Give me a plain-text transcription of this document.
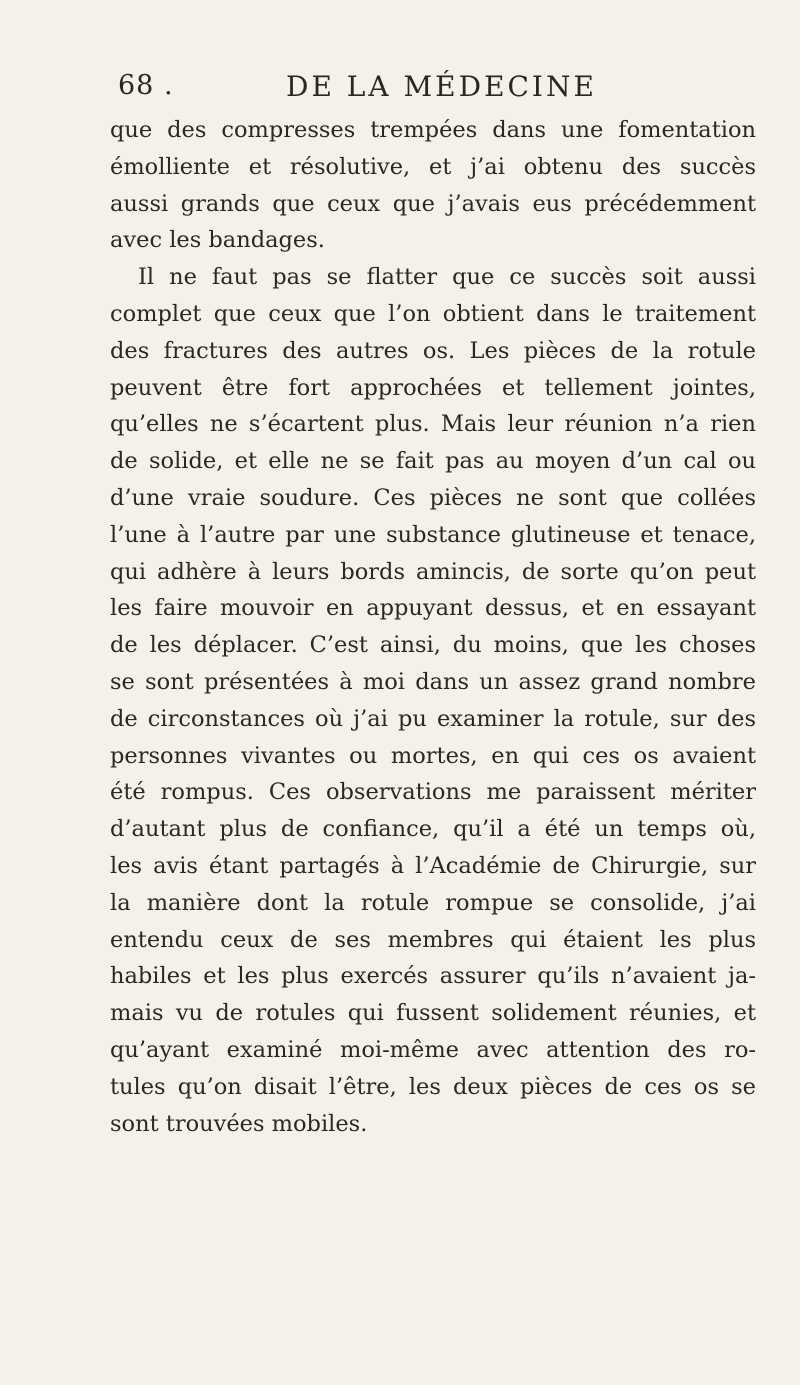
68 .	DE LA MÉDECINE
que des compresses trempées dans une fomentation
émolliente et résolutive, et j’ai obtenu des succès
aussi grands que ceux que j’avais eus précédemment
avec les bandages.
Il ne faut pas se flatter que ce succès soit aussi
complet que ceux que l’on obtient dans le traitement
des fractures des autres os. Les pièces de la rotule
peuvent être fort approchées et tellement jointes,
qu’elles ne s’écartent plus. Mais leur réunion n’a rien
de solide, et elle ne se fait pas au moyen d’un cal ou
d’une vraie soudure. Ces pièces ne sont que collées
l’une à l’autre par une substance glutineuse et tenace,
qui adhère à leurs bords amincis, de sorte qu’on peut
les faire mouvoir en appuyant dessus, et en essayant
de les déplacer. C’est ainsi, du moins, que les choses
se sont présentées à moi dans un assez grand nombre
de circonstances où j’ai pu examiner la rotule, sur des
personnes vivantes ou mortes, en qui ces os avaient
été rompus. Ces observations me paraissent mériter
d’autant plus de confiance, qu’il a été un temps où,
les avis étant partagés à l’Académie de Chirurgie, sur
la manière dont la rotule rompue se consolide, j’ai
entendu ceux de ses membres qui étaient les plus
habiles et les plus exercés assurer qu’ils n’avaient ja-
mais vu de rotules qui fussent solidement réunies, et
qu’ayant examiné moi-même avec attention des ro-
tules qu’on disait l’être, les deux pièces de ces os se
sont trouvées mobiles.
